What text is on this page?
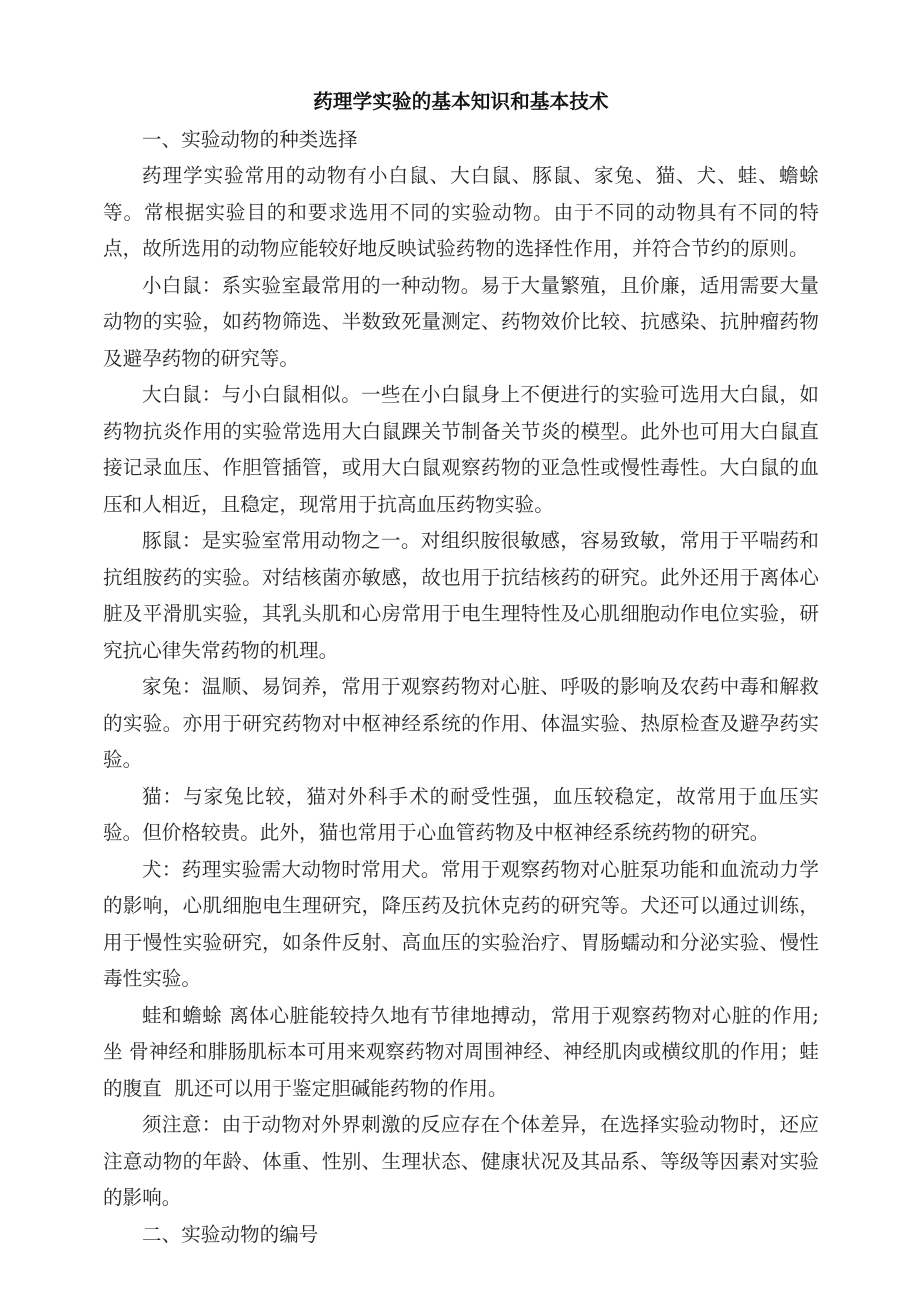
药理学实验的基本知识和基本技术

一、实验动物的种类选择

药理学实验常用的动物有小白鼠、大白鼠、豚鼠、家兔、猫、犬、蛙、蟾蜍等。常根据实验目的和要求选用不同的实验动物。由于不同的动物具有不同的特点，故所选用的动物应能较好地反映试验药物的选择性作用，并符合节约的原则。

小白鼠：系实验室最常用的一种动物。易于大量繁殖，且价廉，适用需要大量动物的实验，如药物筛选、半数致死量测定、药物效价比较、抗感染、抗肿瘤药物及避孕药物的研究等。

大白鼠：与小白鼠相似。一些在小白鼠身上不便进行的实验可选用大白鼠，如药物抗炎作用的实验常选用大白鼠踝关节制备关节炎的模型。此外也可用大白鼠直接记录血压、作胆管插管，或用大白鼠观察药物的亚急性或慢性毒性。大白鼠的血压和人相近，且稳定，现常用于抗高血压药物实验。

豚鼠：是实验室常用动物之一。对组织胺很敏感，容易致敏，常用于平喘药和抗组胺药的实验。对结核菌亦敏感，故也用于抗结核药的研究。此外还用于离体心脏及平滑肌实验，其乳头肌和心房常用于电生理特性及心肌细胞动作电位实验，研究抗心律失常药物的机理。

家兔：温顺、易饲养，常用于观察药物对心脏、呼吸的影响及农药中毒和解救的实验。亦用于研究药物对中枢神经系统的作用、体温实验、热原检查及避孕药实验。

猫：与家兔比较，猫对外科手术的耐受性强，血压较稳定，故常用于血压实验。但价格较贵。此外，猫也常用于心血管药物及中枢神经系统药物的研究。

犬：药理实验需大动物时常用犬。常用于观察药物对心脏泵功能和血流动力学的影响，心肌细胞电生理研究，降压药及抗休克药的研究等。犬还可以通过训练，用于慢性实验研究，如条件反射、高血压的实验治疗、胃肠蠕动和分泌实验、慢性毒性实验。

蛙和蟾蜍 离体心脏能较持久地有节律地搏动，常用于观察药物对心脏的作用; 坐 骨神经和腓肠肌标本可用来观察药物对周围神经、神经肌肉或横纹肌的作用；蛙的腹直  肌还可以用于鉴定胆碱能药物的作用。

须注意：由于动物对外界刺激的反应存在个体差异，在选择实验动物时，还应注意动物的年龄、体重、性别、生理状态、健康状况及其品系、等级等因素对实验的影响。

二、实验动物的编号
